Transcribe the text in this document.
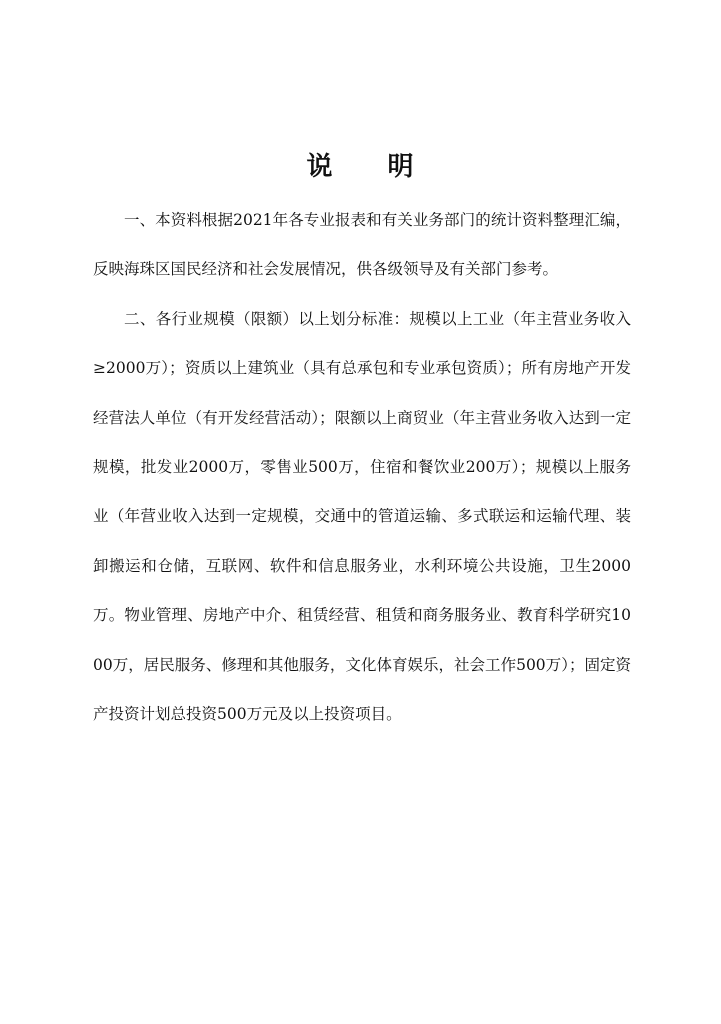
说　　明

一、本资料根据2021年各专业报表和有关业务部门的统计资料整理汇编，反映海珠区国民经济和社会发展情况，供各级领导及有关部门参考。

二、各行业规模（限额）以上划分标准：规模以上工业（年主营业务收入≥2000万）；资质以上建筑业（具有总承包和专业承包资质）；所有房地产开发经营法人单位（有开发经营活动）；限额以上商贸业（年主营业务收入达到一定规模，批发业2000万，零售业500万，住宿和餐饮业200万）；规模以上服务业（年营业收入达到一定规模，交通中的管道运输、多式联运和运输代理、装卸搬运和仓储，互联网、软件和信息服务业，水利环境公共设施，卫生2000万。物业管理、房地产中介、租赁经营、租赁和商务服务业、教育科学研究1000万，居民服务、修理和其他服务，文化体育娱乐，社会工作500万）；固定资产投资计划总投资500万元及以上投资项目。
